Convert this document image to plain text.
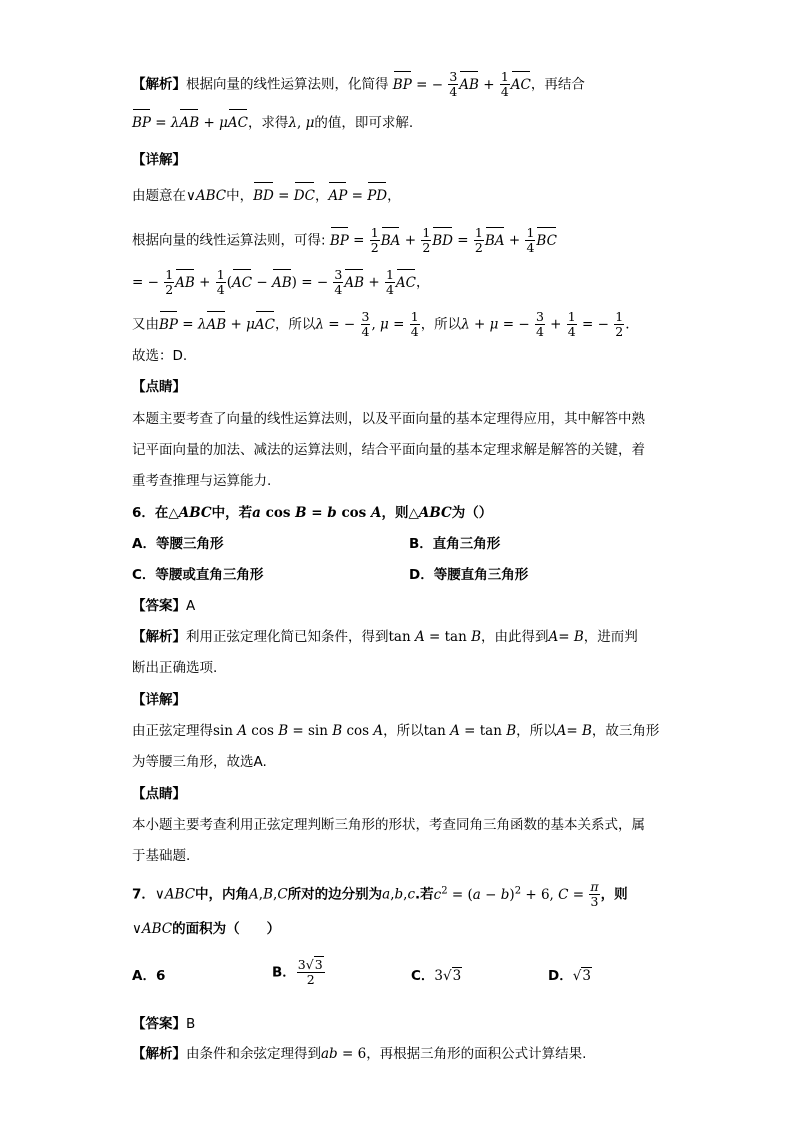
【解析】根据向量的线性运算法则，化简得 BP = − $\frac{3}{4}$ AB + $\frac{1}{4}$ AC，再结合
BP = λAB + μAC，求得λ, μ的值，即可求解.
【详解】
由题意在∨ABC中，BD = DC，AP = PD，
根据向量的线性运算法则，可得: BP = $\frac{1}{2}$ BA + $\frac{1}{2}$ BD = $\frac{1}{2}$ BA + $\frac{1}{4}$ BC
= − $\frac{1}{2}$ AB + $\frac{1}{4} (AC - AB)$ = − $\frac{3}{4}$ AB + $\frac{1}{4}$ AC，
又由BP = λAB + μAC，所以λ = − $\frac{3}{4}$ , $\mu = \frac{1}{4}$ ，所以λ + μ = − $\frac{3}{4} + \frac{1}{4}$ = − $\frac{1}{2}$ .
故选：D.
【点睛】
本题主要考查了向量的线性运算法则，以及平面向量的基本定理得应用，其中解答中熟
记平面向量的加法、减法的运算法则，结合平面向量的基本定理求解是解答的关键，着
重考查推理与运算能力.
6．在△ABC中，若a cos B = b cos A，则△ABC为（）
A．等腰三角形	B．直角三角形
C．等腰或直角三角形	D．等腰直角三角形
【答案】A
【解析】利用正弦定理化简已知条件，得到tan A = tan B，由此得到A= B，进而判
断出正确选项.
【详解】
由正弦定理得sin A cos B = sin B cos A，所以tan A = tan B，所以A= B，故三角形
为等腰三角形，故选A.
【点睛】
本小题主要考查利用正弦定理判断三角形的形状，考查同角三角函数的基本关系式，属
于基础题.
7．∨ABC中，内角A,B,C所对的边分别为a,b,c.若$c^2 = (a - b)^2 + 6$, $C = \frac{\pi}{3}$ ，则
∨ABC的面积为（　　）
A．6	B． $\frac{3√3}{2}$	C．3√3	D．√3
【答案】B
【解析】由条件和余弦定理得到ab = 6，再根据三角形的面积公式计算结果.
